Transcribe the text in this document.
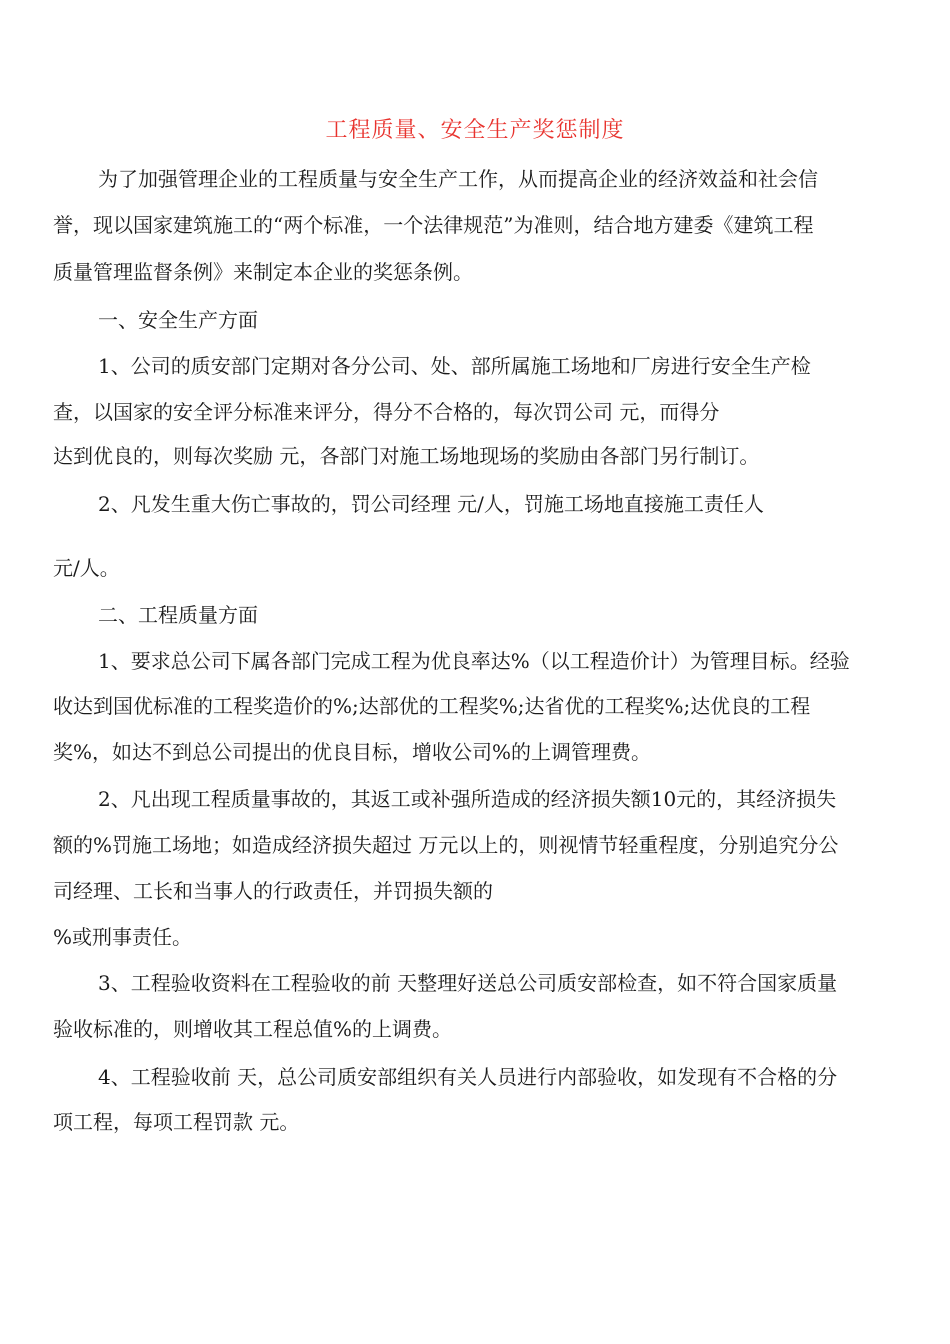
工程质量、安全生产奖惩制度
为了加强管理企业的工程质量与安全生产工作，从而提高企业的经济效益和社会信
誉，现以国家建筑施工的“两个标准，一个法律规范”为准则，结合地方建委《建筑工程
质量管理监督条例》来制定本企业的奖惩条例。
一、安全生产方面
1、公司的质安部门定期对各分公司、处、部所属施工场地和厂房进行安全生产检
查，以国家的安全评分标准来评分，得分不合格的，每次罚公司 元，而得分
达到优良的，则每次奖励 元，各部门对施工场地现场的奖励由各部门另行制订。
2、凡发生重大伤亡事故的，罚公司经理 元/人，罚施工场地直接施工责任人
元/人。
二、工程质量方面
1、要求总公司下属各部门完成工程为优良率达%（以工程造价计）为管理目标。经验
收达到国优标准的工程奖造价的%;达部优的工程奖%;达省优的工程奖%;达优良的工程
奖%，如达不到总公司提出的优良目标，增收公司%的上调管理费。
2、凡出现工程质量事故的，其返工或补强所造成的经济损失额10元的，其经济损失
额的%罚施工场地；如造成经济损失超过 万元以上的，则视情节轻重程度，分别追究分公
司经理、工长和当事人的行政责任，并罚损失额的
%或刑事责任。
3、工程验收资料在工程验收的前 天整理好送总公司质安部检查，如不符合国家质量
验收标准的，则增收其工程总值%的上调费。
4、工程验收前 天，总公司质安部组织有关人员进行内部验收，如发现有不合格的分
项工程，每项工程罚款 元。
